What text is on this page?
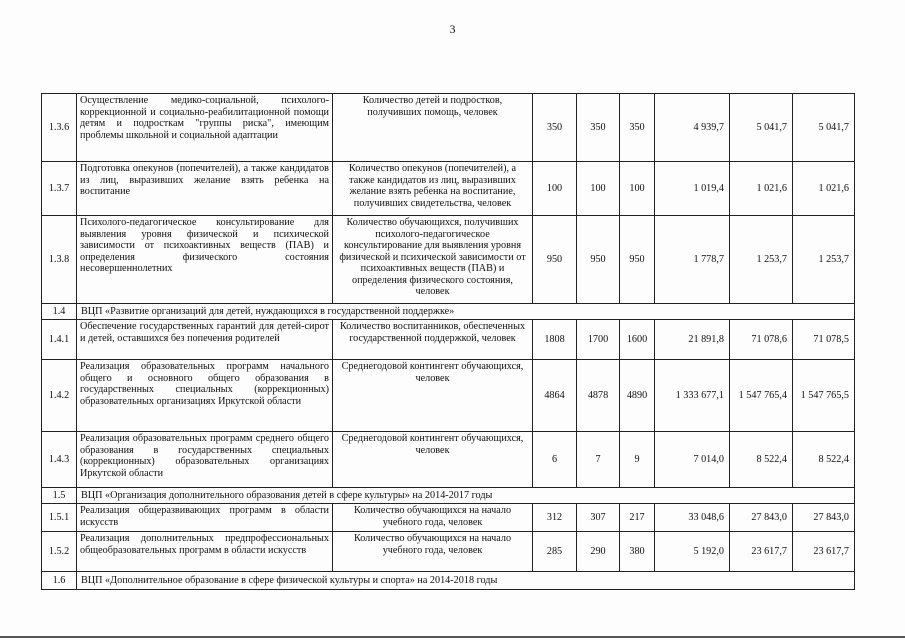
3
1.3.6	Осуществление медико-социальной, психолого-коррекционной и социально-реабилитационной помощи детям и подросткам "группы риска", имеющим проблемы школьной и социальной адаптации	Количество детей и подростков, получивших помощь, человек	350	350	350	4 939,7	5 041,7	5 041,7
1.3.7	Подготовка опекунов (попечителей), а также кандидатов из лиц, выразивших желание взять ребенка на воспитание	Количество опекунов (попечителей), а также кандидатов из лиц, выразивших желание взять ребенка на воспитание, получивших свидетельства, человек	100	100	100	1 019,4	1 021,6	1 021,6
1.3.8	Психолого-педагогическое консультирование для выявления уровня физической и психической зависимости от психоактивных веществ (ПАВ) и определения физического состояния несовершеннолетних	Количество обучающихся, получивших психолого-педагогическое консультирование для выявления уровня физической и психической зависимости от психоактивных веществ (ПАВ) и определения физического состояния, человек	950	950	950	1 778,7	1 253,7	1 253,7
1.4	ВЦП «Развитие организаций для детей, нуждающихся в государственной поддержке»							
1.4.1	Обеспечение государственных гарантий для детей-сирот и детей, оставшихся без попечения родителей	Количество воспитанников, обеспеченных государственной поддержкой, человек	1808	1700	1600	21 891,8	71 078,6	71 078,5
1.4.2	Реализация образовательных программ начального общего и основного общего образования в государственных специальных (коррекционных) образовательных организациях Иркутской области	Среднегодовой контингент обучающихся, человек	4864	4878	4890	1 333 677,1	1 547 765,4	1 547 765,5
1.4.3	Реализация образовательных программ среднего общего образования в государственных специальных (коррекционных) образовательных организациях Иркутской области	Среднегодовой контингент обучающихся, человек	6	7	9	7 014,0	8 522,4	8 522,4
1.5	ВЦП «Организация дополнительного образования детей в сфере культуры» на 2014-2017 годы							
1.5.1	Реализация общеразвивающих программ в области искусств	Количество обучающихся на начало учебного года, человек	312	307	217	33 048,6	27 843,0	27 843,0
1.5.2	Реализация дополнительных предпрофессиональных общеобразовательных программ в области искусств	Количество обучающихся на начало учебного года, человек	285	290	380	5 192,0	23 617,7	23 617,7
1.6	ВЦП «Дополнительное образование в сфере физической культуры и спорта» на 2014-2018 годы							
